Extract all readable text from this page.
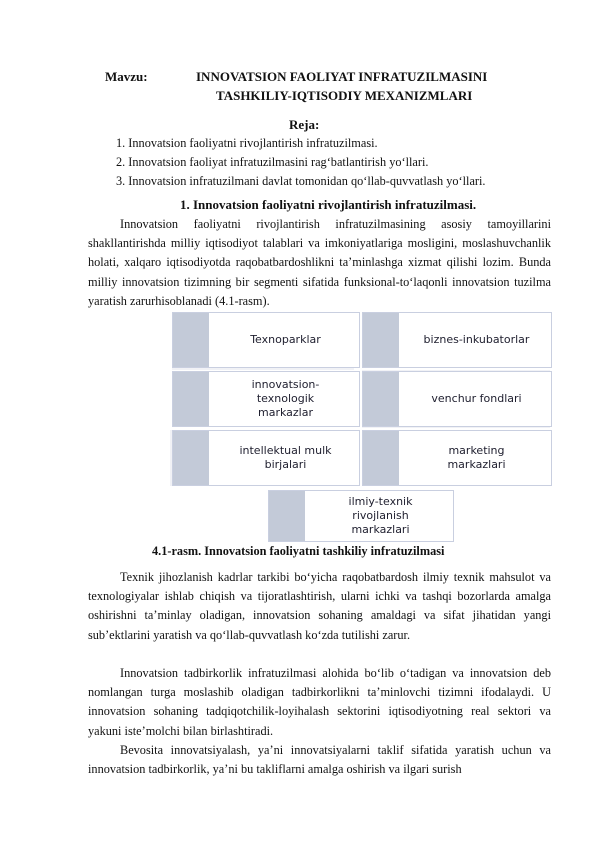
Mavzu:	INNOVATSION FAOLIYAT INFRATUZILMASINI
TASHKILIY-IQTISODIY MEXANIZMLARI
Reja:
1. Innovatsion faoliyatni rivojlantirish infratuzilmasi.
2. Innovatsion faoliyat infratuzilmasini rag‘batlantirish yo‘llari.
3. Innovatsion infratuzilmani davlat tomonidan qo‘llab-quvvatlash yo‘llari.
1. Innovatsion faoliyatni rivojlantirish infratuzilmasi.
Innovatsion faoliyatni rivojlantirish infratuzilmasining asosiy tamoyillarini shakllantirishda milliy iqtisodiyot talablari va imkoniyatlariga mosligini, moslashuvchanlik holati, xalqaro iqtisodiyotda raqobatbardoshlikni ta’minlashga xizmat qilishi lozim. Bunda milliy innovatsion tizimning bir segmenti sifatida funksional-to‘laqonli innovatsion tuzilma yaratish zarurhisoblanadi (4.1-rasm).
Texnoparklar	biznes-inkubatorlar
innovatsion-texnologik markazlar
venchur fondlari
intellektual mulk birjalari
marketing markazlari
ilmiy-texnik rivojlanish markazlari
4.1-rasm. Innovatsion faoliyatni tashkiliy infratuzilmasi
Texnik jihozlanish kadrlar tarkibi bo‘yicha raqobatbardosh ilmiy texnik mahsulot va texnologiyalar ishlab chiqish va tijoratlashtirish, ularni ichki va tashqi bozorlarda amalga oshirishni ta’minlay oladigan, innovatsion sohaning amaldagi va sifat jihatidan yangi sub’ektlarini yaratish va qo‘llab-quvvatlash ko‘zda tutilishi zarur.
Innovatsion tadbirkorlik infratuzilmasi alohida bo‘lib o‘tadigan va innovatsion deb nomlangan turga moslashib oladigan tadbirkorlikni ta’minlovchi tizimni ifodalaydi. U innovatsion sohaning tadqiqotchilik-loyihalash sektorini iqtisodiyotning real sektori va yakuni iste’molchi bilan birlashtiradi.
Bevosita innovatsiyalash, ya’ni innovatsiyalarni taklif sifatida yaratish uchun va innovatsion tadbirkorlik, ya’ni bu takliflarni amalga oshirish va ilgari surish
